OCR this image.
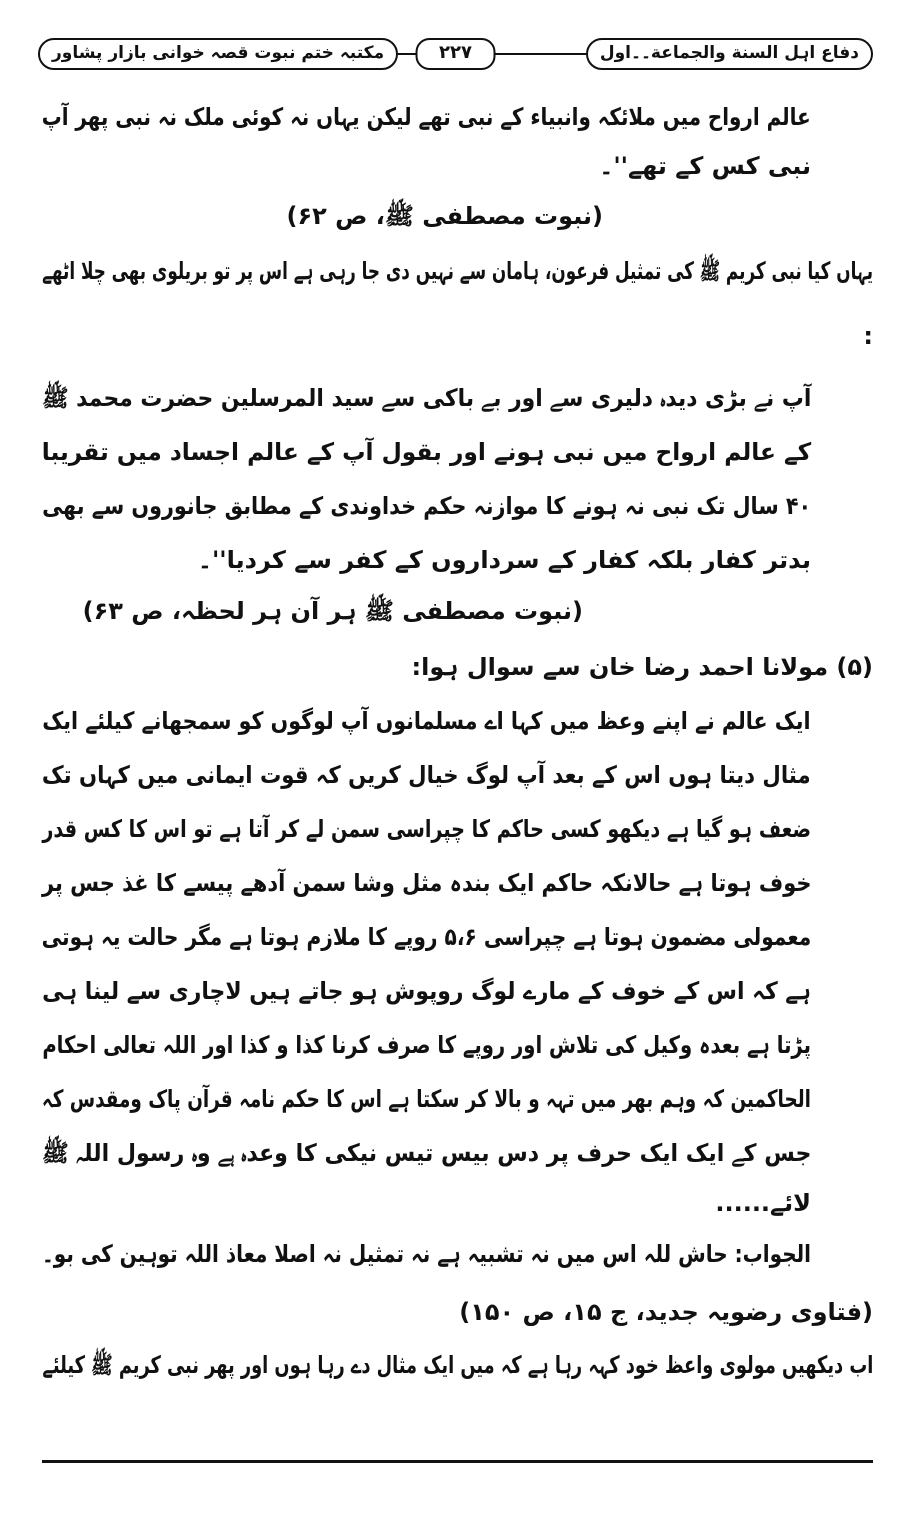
دفاع اہل السنة والجماعة۔۔اول
۲۲۷
مکتبہ ختم نبوت قصہ خوانی بازار پشاور
عالم ارواح میں ملائکہ وانبیاء کے نبی تھے لیکن یہاں نہ کوئی ملک نہ نبی پھر آپ
نبی کس کے تھے''۔
(نبوت مصطفی ﷺ، ص ۶۲)
یہاں کیا نبی کریم ﷺ کی تمثیل فرعون، ہامان سے نہیں دی جا رہی ہے اس پر تو بریلوی بھی چلا اٹھے
:
آپ نے بڑی دیدہ دلیری سے اور بے باکی سے سید المرسلین حضرت محمد ﷺ
کے عالم ارواح میں نبی ہونے اور بقول آپ کے عالم اجساد میں تقریبا
۴۰ سال تک نبی نہ ہونے کا موازنہ حکم خداوندی کے مطابق جانوروں سے بھی
بدتر کفار بلکہ کفار کے سرداروں کے کفر سے کردیا''۔
(نبوت مصطفی ﷺ ہر آن ہر لحظہ، ص ۶۳)
(۵) مولانا احمد رضا خان سے سوال ہوا:
ایک عالم نے اپنے وعظ میں کہا اے مسلمانوں آپ لوگوں کو سمجھانے کیلئے ایک
مثال دیتا ہوں اس کے بعد آپ لوگ خیال کریں کہ قوت ایمانی میں کہاں تک
ضعف ہو گیا ہے دیکھو کسی حاکم کا چپراسی سمن لے کر آتا ہے تو اس کا کس قدر
خوف ہوتا ہے حالانکہ حاکم ایک بندہ مثل وشا سمن آدھے پیسے کا غذ جس پر
معمولی مضمون ہوتا ہے چپراسی ۵،۶ روپے کا ملازم ہوتا ہے مگر حالت یہ ہوتی
ہے کہ اس کے خوف کے مارے لوگ روپوش ہو جاتے ہیں لاچاری سے لینا ہی
پڑتا ہے بعدہ وکیل کی تلاش اور روپے کا صرف کرنا کذا و کذا اور اللہ تعالی احکام
الحاکمین کہ وہم بھر میں تہہ و بالا کر سکتا ہے اس کا حکم نامہ قرآن پاک ومقدس کہ
جس کے ایک ایک حرف پر دس بیس تیس نیکی کا وعدہ ہے وہ رسول اللہ ﷺ
لائے......
الجواب: حاش للہ اس میں نہ تشبیہ ہے نہ تمثیل نہ اصلا معاذ اللہ توہین کی بو۔
(فتاوی رضویہ جدید، ج ۱۵، ص ۱۵۰)
اب دیکھیں مولوی واعظ خود کہہ رہا ہے کہ میں ایک مثال دے رہا ہوں اور پھر نبی کریم ﷺ کیلئے
